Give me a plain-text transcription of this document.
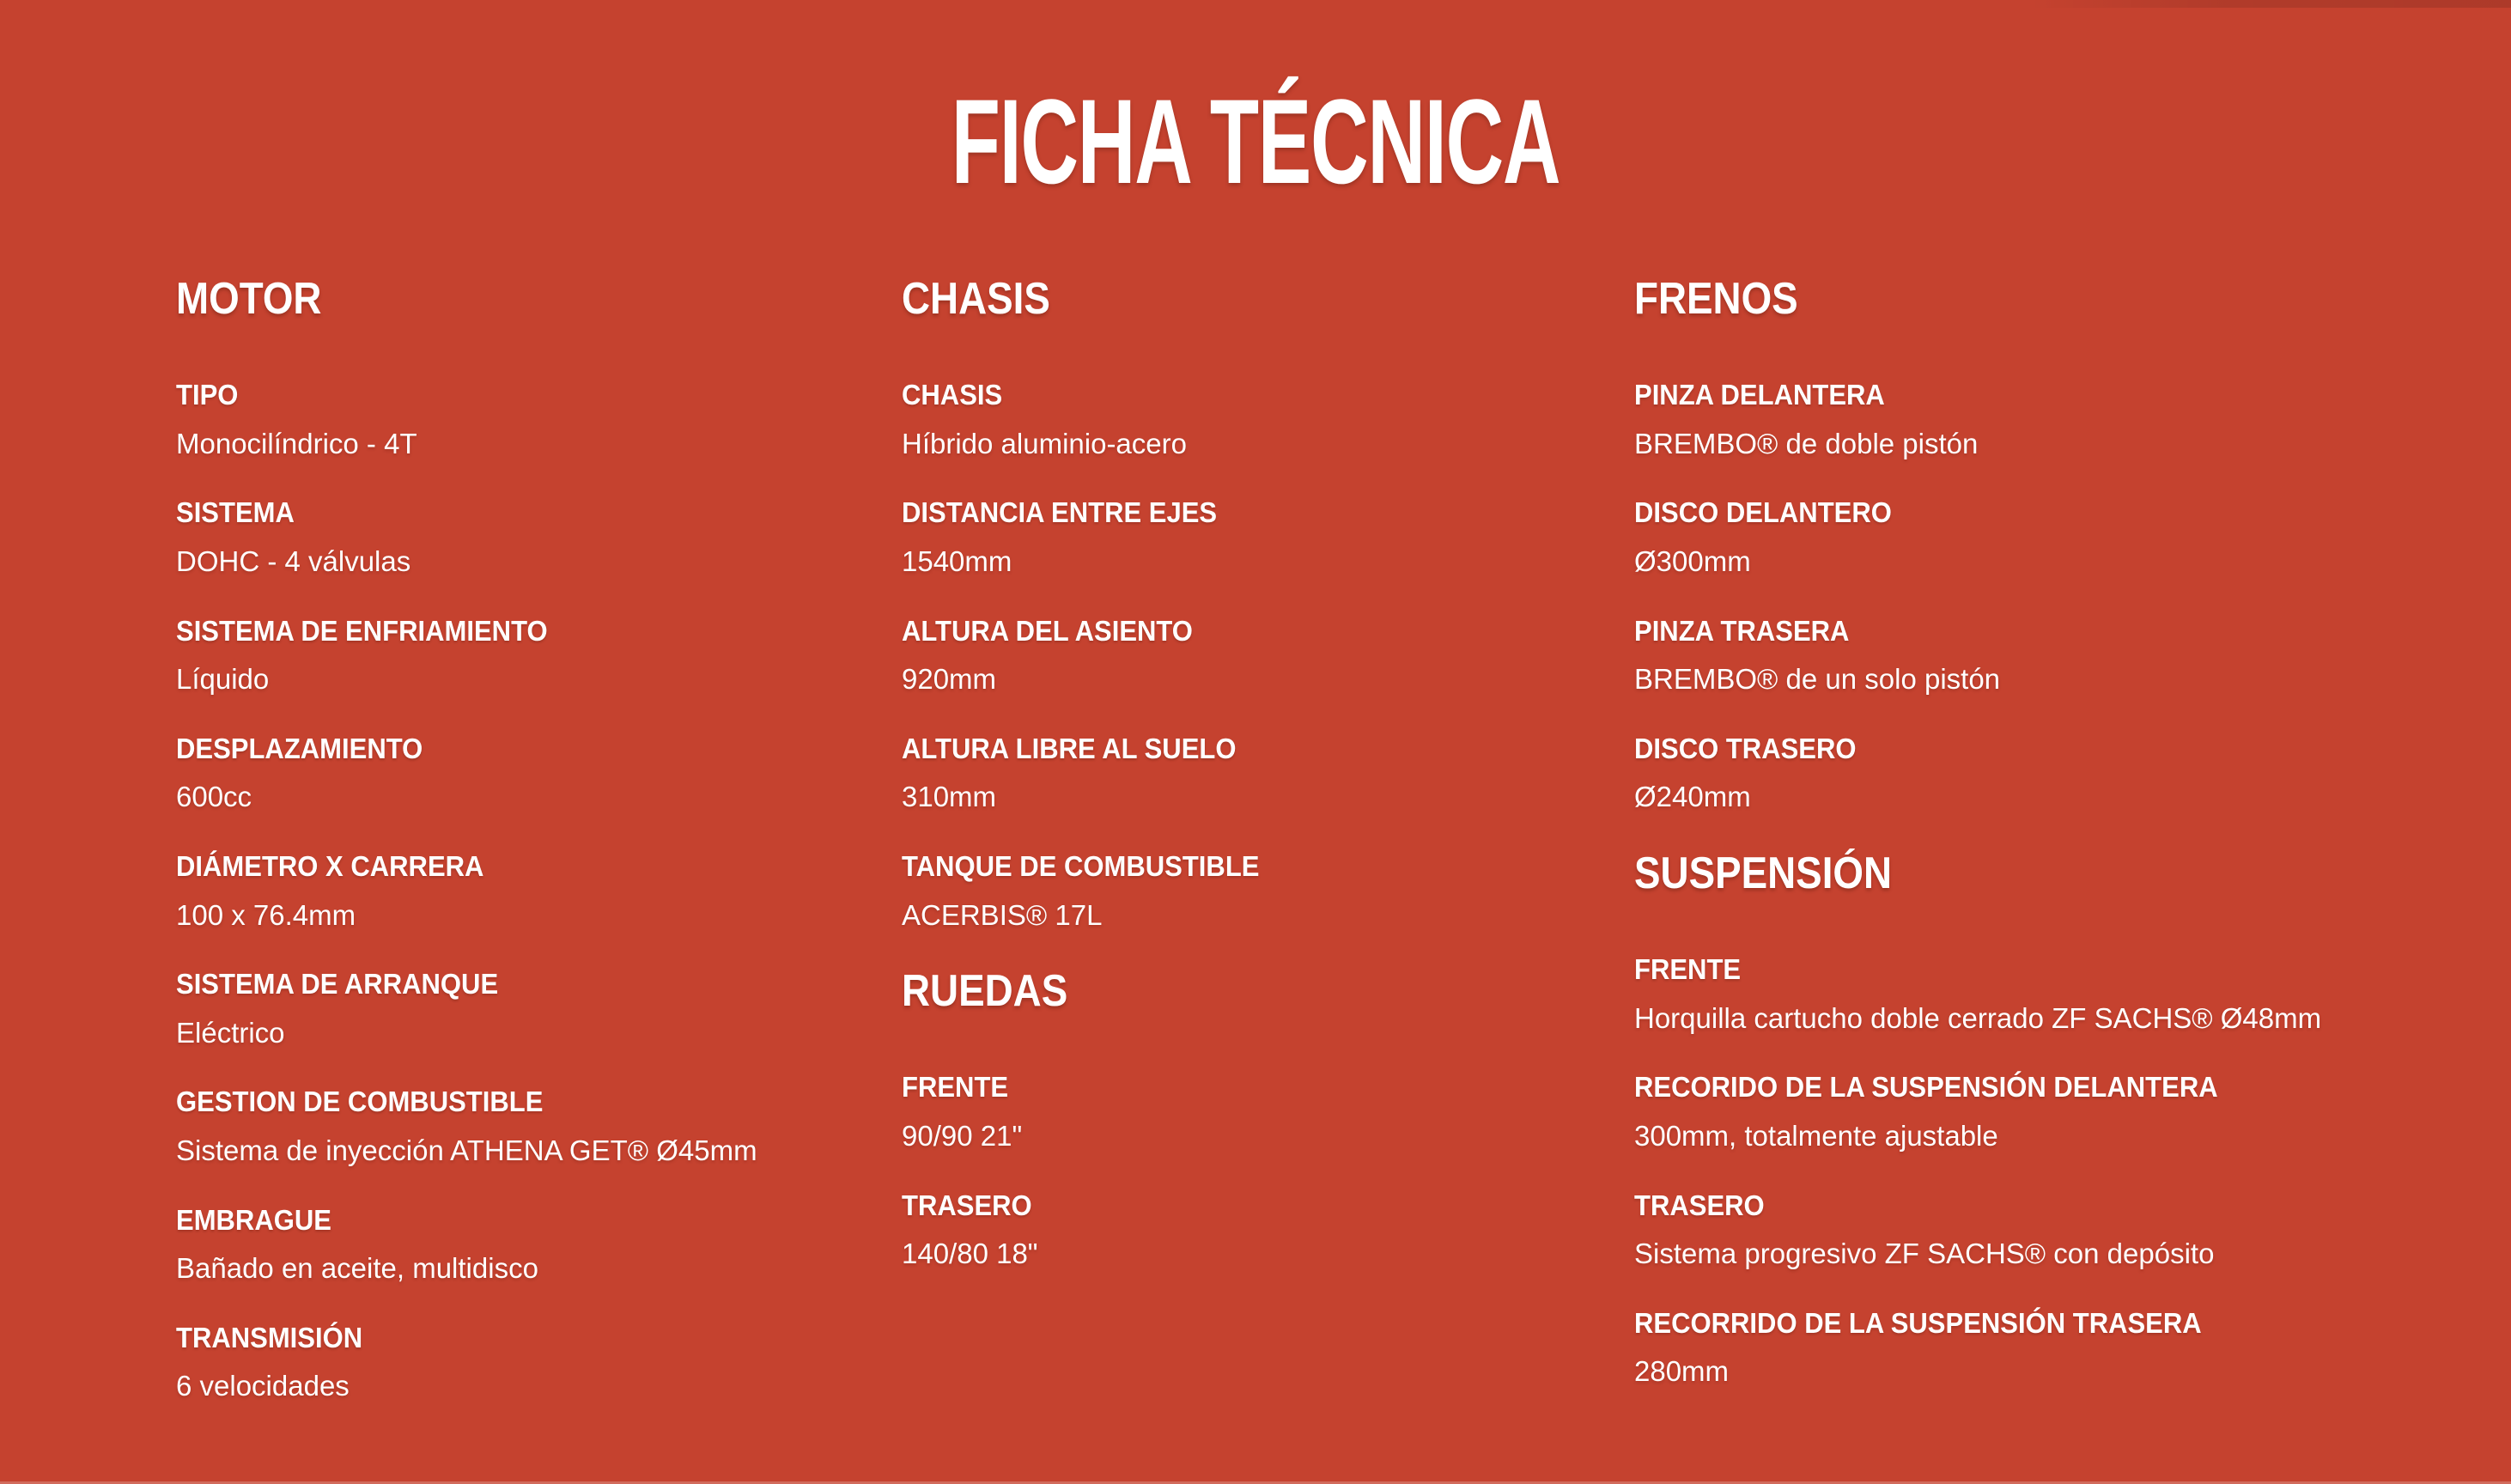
FICHA TÉCNICA
MOTOR
TIPO
Monocilíndrico - 4T
SISTEMA
DOHC - 4 válvulas
SISTEMA DE ENFRIAMIENTO
Líquido
DESPLAZAMIENTO
600cc
DIÁMETRO X CARRERA
100 x 76.4mm
SISTEMA DE ARRANQUE
Eléctrico
GESTION DE COMBUSTIBLE
Sistema de inyección ATHENA GET® Ø45mm
EMBRAGUE
Bañado en aceite, multidisco
TRANSMISIÓN
6 velocidades
CHASIS
CHASIS
Híbrido aluminio-acero
DISTANCIA ENTRE EJES
1540mm
ALTURA DEL ASIENTO
920mm
ALTURA LIBRE AL SUELO
310mm
TANQUE DE COMBUSTIBLE
ACERBIS® 17L
RUEDAS
FRENTE
90/90 21"
TRASERO
140/80 18"
FRENOS
PINZA DELANTERA
BREMBO® de doble pistón
DISCO DELANTERO
Ø300mm
PINZA TRASERA
BREMBO® de un solo pistón
DISCO TRASERO
Ø240mm
SUSPENSIÓN
FRENTE
Horquilla cartucho doble cerrado ZF SACHS® Ø48mm
RECORIDO DE LA SUSPENSIÓN DELANTERA
300mm, totalmente ajustable
TRASERO
Sistema progresivo ZF SACHS® con depósito
RECORRIDO DE LA SUSPENSIÓN TRASERA
280mm
